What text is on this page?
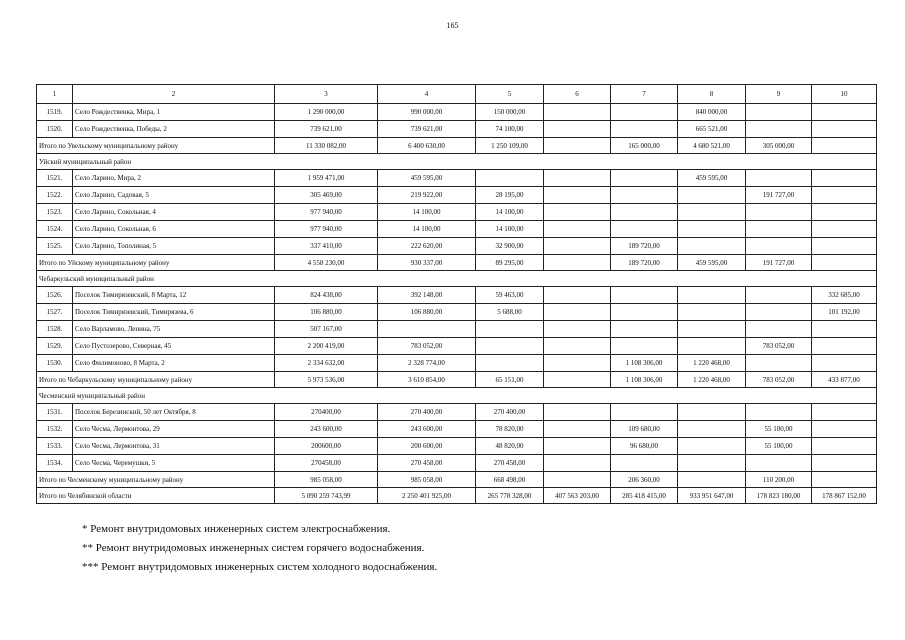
165
1	2	3	4	5	6	7	8	9	10
1519.	Село Рождественка, Мира, 1	1 290 000,00	990 000,00	150 000,00			840 000,00		
1520.	Село Рождественка, Победы, 2	739 621,00	739 621,00	74 100,00			665 521,00		
Итого по Увельскому муниципальному району		11 330 082,00	6 400 630,00	1 250 109,00		165 000,00	4 680 521,00	305 000,00	
Уйский муниципальный район									
1521.	Село Ларино, Мира, 2	1 959 471,00	459 595,00				459 595,00		
1522.	Село Ларино, Садовая, 5	305 469,00	219 922,00	28 195,00				191 727,00	
1523.	Село Ларино, Сокольная, 4	977 940,00	14 100,00	14 100,00					
1524.	Село Ларино, Сокольная, 6	977 940,00	14 100,00	14 100,00					
1525.	Село Ларино, Тополиная, 5	337 410,00	222 620,00	32 900,00		189 720,00			
Итого по Уйскому муниципальному району		4 558 230,00	930 337,00	89 295,00		189 720,00	459 595,00	191 727,00	
Чебаркульский муниципальный район									
1526.	Поселок Тимирязевский, 8 Марта, 12	824 438,00	392 148,00	59 463,00					332 685,00
1527.	Поселок Тимирязевский, Тимирязева, 6	106 880,00	106 880,00	5 688,00					101 192,00
1528.	Село Варламово, Ленина, 75	507 167,00							
1529.	Село Пустозерово, Северная, 45	2 200 419,00	783 052,00					783 052,00	
1530.	Село Филимоново, 8 Марта, 2	2 334 632,00	2 328 774,00			1 108 306,00	1 220 468,00		
Итого по Чебаркульскому муниципальному району		5 973 536,00	3 610 854,00	65 151,00		1 108 306,00	1 220 468,00	783 052,00	433 877,00
Чесменский муниципальный район									
1531.	Поселок Березинский, 50 лет Октября, 8	270400,00	270 400,00	270 400,00					
1532.	Село Чесма, Лермонтова, 29	243 600,00	243 600,00	78 820,00		109 680,00		55 100,00	
1533.	Село Чесма, Лермонтова, 31	200600,00	200 600,00	48 820,00		96 680,00		55 100,00	
1534.	Село Чесма, Черемушки, 5	270458,00	270 458,00	270 458,00					
Итого по Чесменскому муниципальному району		985 058,00	985 058,00	668 498,00		206 360,00		110 200,00	
Итого по Челябинской области		5 090 259 743,99	2 250 401 925,00	265 778 328,00	407 563 203,00	285 418 415,00	933 951 647,00	178 823 180,00	178 867 152,00
* Ремонт внутридомовых инженерных систем электроснабжения.
** Ремонт внутридомовых инженерных систем горячего водоснабжения.
*** Ремонт внутридомовых инженерных систем холодного водоснабжения.
